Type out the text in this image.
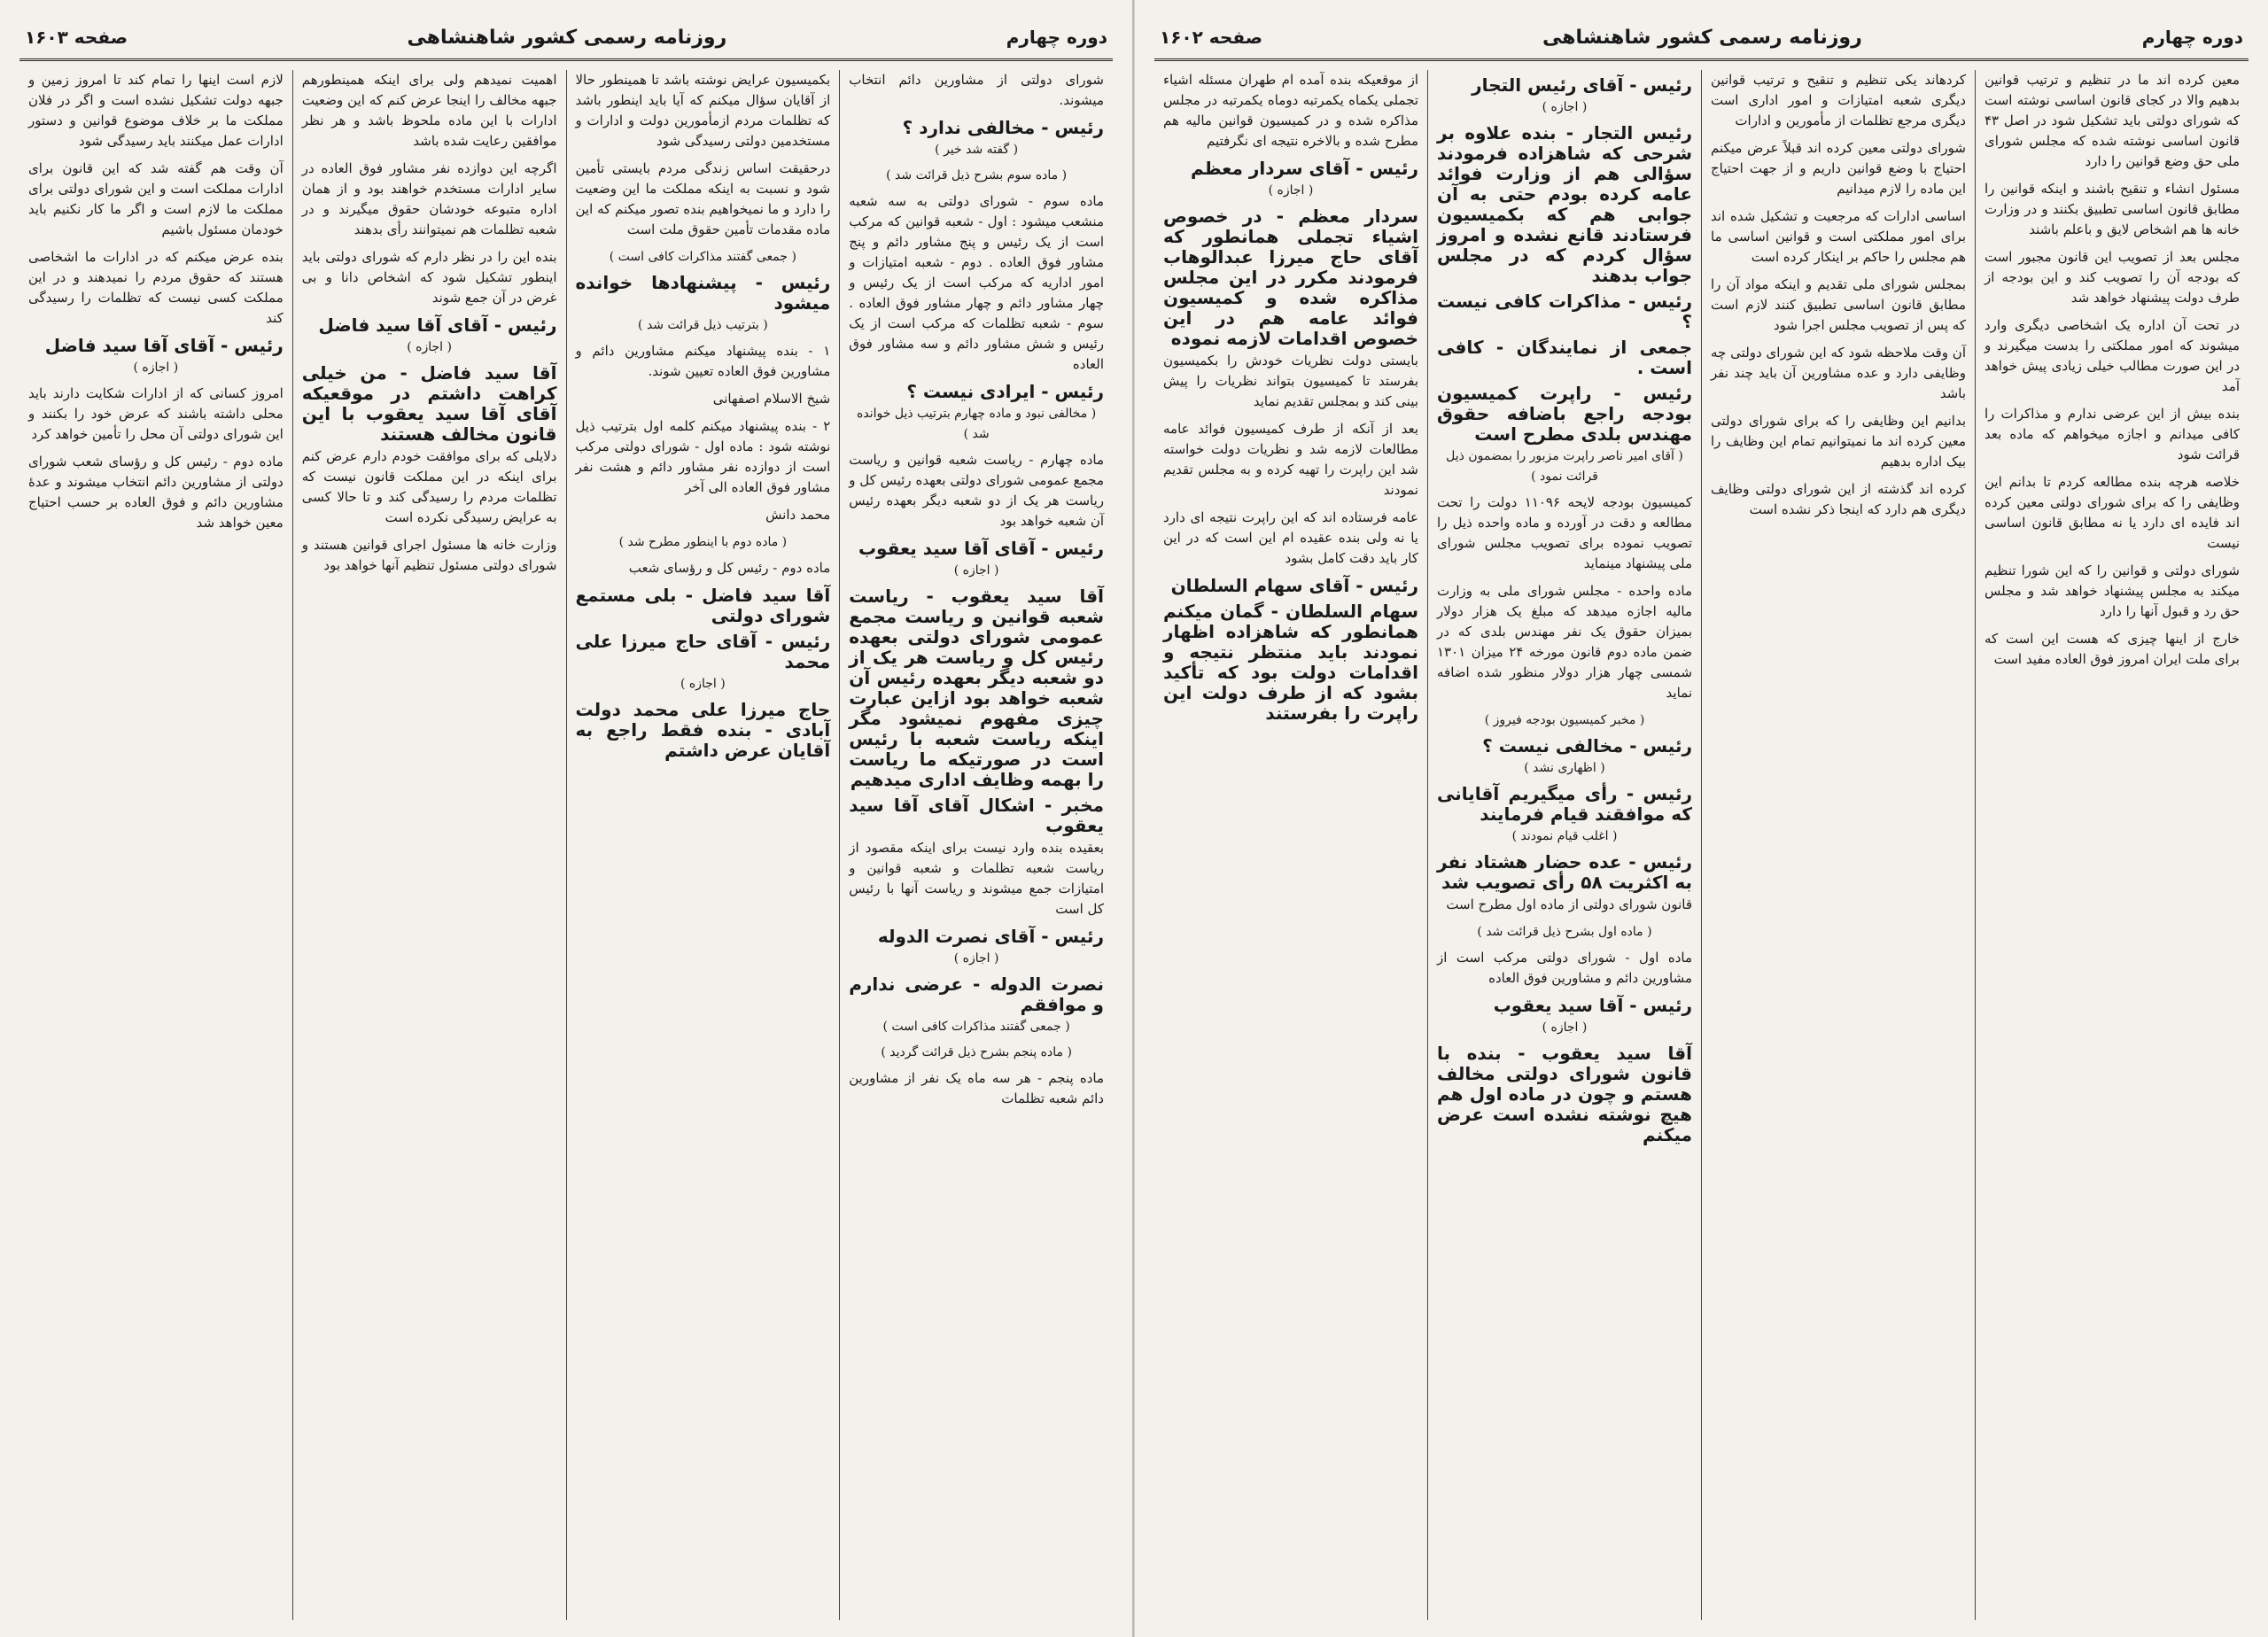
دوره چهارم
روزنامه رسمی کشور شاهنشاهی
صفحه ۱۶۰۳
شورای دولتی از مشاورین دائم انتخاب میشوند.
رئیس - مخالفی ندارد ؟
( گفته شد خیر )
( ماده سوم بشرح ذیل قرائت شد )
ماده سوم - شورای دولتی به سه شعبه منشعب میشود : اول - شعبه قوانین که مرکب است از یک رئیس و پنج مشاور دائم و پنج مشاور فوق العاده . دوم - شعبه امتیازات و امور اداریه که مرکب است از یک رئیس و چهار مشاور دائم و چهار مشاور فوق العاده . سوم - شعبه تظلمات که مرکب است از یک رئیس و شش مشاور دائم و سه مشاور فوق العاده
رئیس - ایرادی نیست ؟
( مخالفی نبود و ماده چهارم بترتیب ذیل خوانده شد )
ماده چهارم - ریاست شعبه قوانین و ریاست مجمع عمومی شورای دولتی بعهده رئیس کل و ریاست هر یک از دو شعبه دیگر بعهده رئیس آن شعبه خواهد بود
رئیس - آقای آقا سید یعقوب
( اجازه )
آقا سید یعقوب - ریاست شعبه قوانین و ریاست مجمع عمومی شورای دولتی بعهده رئیس کل و ریاست هر یک از دو شعبه دیگر بعهده رئیس آن شعبه خواهد بود ازاین عبارت چیزی مفهوم نمیشود مگر اینکه ریاست شعبه با رئیس است در صورتیکه ما ریاست را بهمه وظایف اداری میدهیم
مخبر - اشکال آقای آقا سید یعقوب
بعقیده بنده وارد نیست برای اینکه مقصود از ریاست شعبه تظلمات و شعبه قوانین و امتیازات جمع میشوند و ریاست آنها با رئیس کل است
رئیس - آقای نصرت الدوله
( اجازه )
نصرت الدوله - عرضی ندارم و موافقم
( جمعی گفتند مذاکرات کافی است )
( ماده پنجم بشرح ذیل قرائت گردید )
ماده پنجم - هر سه ماه یک نفر از مشاورین دائم شعبه تظلمات
بکمیسیون عرایض نوشته باشد تا همینطور حالا از آقایان سؤال میکنم که آیا باید اینطور باشد که تظلمات مردم ازمأمورین دولت و ادارات و مستخدمین دولتی رسیدگی شود
درحقیقت اساس زندگی مردم بایستی تأمین شود و نسبت به اینکه مملکت ما این وضعیت را دارد و ما نمیخواهیم بنده تصور میکنم که این ماده مقدمات تأمین حقوق ملت است
( جمعی گفتند مذاکرات کافی است )
رئیس - پیشنهادها خوانده میشود
( بترتیب ذیل قرائت شد )
۱ - بنده پیشنهاد میکنم مشاورین دائم و مشاورین فوق العاده تعیین شوند.
شیخ الاسلام اصفهانی
۲ - بنده پیشنهاد میکنم کلمه اول بترتیب ذیل نوشته شود : ماده اول - شورای دولتی مرکب است از دوازده نفر مشاور دائم و هشت نفر مشاور فوق العاده الی آخر
محمد دانش
( ماده دوم با اینطور مطرح شد )
ماده دوم - رئیس کل و رؤسای شعب
آقا سید فاضل - بلی مستمع شورای دولتی
رئیس - آقای حاج میرزا علی محمد
( اجازه )
حاج میرزا علی محمد دولت آبادی - بنده فقط راجع به آقایان عرض داشتم
اهمیت نمیدهم ولی برای اینکه همینطورهم جبهه مخالف را اینجا عرض کنم که این وضعیت ادارات با این ماده ملحوظ باشد و هر نظر موافقین رعایت شده باشد
اگرچه این دوازده نفر مشاور فوق العاده در سایر ادارات مستخدم خواهند بود و از همان اداره متبوعه خودشان حقوق میگیرند و در شعبه تظلمات هم نمیتوانند رأی بدهند
بنده این را در نظر دارم که شورای دولتی باید اینطور تشکیل شود که اشخاص دانا و بی غرض در آن جمع شوند
رئیس - آقای آقا سید فاضل
( اجازه )
آقا سید فاضل - من خیلی کراهت داشتم در موقعیکه آقای آقا سید یعقوب با این قانون مخالف هستند
دلایلی که برای موافقت خودم دارم عرض کنم برای اینکه در این مملکت قانون نیست که تظلمات مردم را رسیدگی کند و تا حالا کسی به عرایض رسیدگی نکرده است
وزارت خانه ها مسئول اجرای قوانین هستند و شورای دولتی مسئول تنظیم آنها خواهد بود
لازم است اینها را تمام کند تا امروز زمین و جبهه دولت تشکیل نشده است و اگر در فلان مملکت ما بر خلاف موضوع قوانین و دستور ادارات عمل میکنند باید رسیدگی شود
آن وقت هم گفته شد که این قانون برای ادارات مملکت است و این شورای دولتی برای مملکت ما لازم است و اگر ما کار نکنیم باید خودمان مسئول باشیم
بنده عرض میکنم که در ادارات ما اشخاصی هستند که حقوق مردم را نمیدهند و در این مملکت کسی نیست که تظلمات را رسیدگی کند
رئیس - آقای آقا سید فاضل
( اجازه )
امروز کسانی که از ادارات شکایت دارند باید محلی داشته باشند که عرض خود را بکنند و این شورای دولتی آن محل را تأمین خواهد کرد
ماده دوم - رئیس کل و رؤسای شعب شورای دولتی از مشاورین دائم انتخاب میشوند و عدهٔ مشاورین دائم و فوق العاده بر حسب احتیاج معین خواهد شد
دوره چهارم
روزنامه رسمی کشور شاهنشاهی
صفحه ۱۶۰۲
معین کرده اند ما در تنظیم و ترتیب قوانین بدهیم والا در کجای قانون اساسی نوشته است که شورای دولتی باید تشکیل شود در اصل ۴۳ قانون اساسی نوشته شده که مجلس شورای ملی حق وضع قوانین را دارد
مسئول انشاء و تنقیح باشند و اینکه قوانین را مطابق قانون اساسی تطبیق بکنند و در وزارت خانه ها هم اشخاص لایق و باعلم باشند
مجلس بعد از تصویب این قانون مجبور است که بودجه آن را تصویب کند و این بودجه از طرف دولت پیشنهاد خواهد شد
در تحت آن اداره یک اشخاصی دیگری وارد میشوند که امور مملکتی را بدست میگیرند و در این صورت مطالب خیلی زیادی پیش خواهد آمد
بنده بیش از این عرضی ندارم و مذاکرات را کافی میدانم و اجازه میخواهم که ماده بعد قرائت شود
خلاصه هرچه بنده مطالعه کردم تا بدانم این وظایفی را که برای شورای دولتی معین کرده اند فایده ای دارد یا نه مطابق قانون اساسی نیست
شورای دولتی و قوانین را که این شورا تنظیم میکند به مجلس پیشنهاد خواهد شد و مجلس حق رد و قبول آنها را دارد
خارج از اینها چیزی که هست این است که برای ملت ایران امروز فوق العاده مفید است
کردهاند یکی تنظیم و تنقیح و ترتیب قوانین دیگری شعبه امتیازات و امور اداری است دیگری مرجع تظلمات از مأمورین و ادارات
شورای دولتی معین کرده اند قبلاً عرض میکنم احتیاج با وضع قوانین داریم و از جهت احتیاج این ماده را لازم میدانیم
اساسی ادارات که مرجعیت و تشکیل شده اند برای امور مملکتی است و قوانین اساسی ما هم مجلس را حاکم بر اینکار کرده است
بمجلس شورای ملی تقدیم و اینکه مواد آن را مطابق قانون اساسی تطبیق کنند لازم است که پس از تصویب مجلس اجرا شود
آن وقت ملاحظه شود که این شورای دولتی چه وظایفی دارد و عده مشاورین آن باید چند نفر باشد
بدانیم این وظایفی را که برای شورای دولتی معین کرده اند ما نمیتوانیم تمام این وظایف را بیک اداره بدهیم
کرده اند گذشته از این شورای دولتی وظایف دیگری هم دارد که اینجا ذکر نشده است
رئیس - آقای رئیس التجار
( اجازه )
رئیس التجار - بنده علاوه بر شرحی که شاهزاده فرمودند سؤالی هم از وزارت فوائد عامه کرده بودم حتی به آن جوابی هم که بکمیسیون فرستادند قانع نشده و امروز سؤال کردم که در مجلس جواب بدهند
رئیس - مذاکرات کافی نیست ؟
جمعی از نمایندگان - کافی است .
رئیس - راپرت کمیسیون بودجه راجع باضافه حقوق مهندس بلدی مطرح است
( آقای امیر ناصر راپرت مزبور را بمضمون ذیل قرائت نمود )
کمیسیون بودجه لایحه ۱۱۰۹۶ دولت را تحت مطالعه و دقت در آورده و ماده واحده ذیل را تصویب نموده برای تصویب مجلس شورای ملی پیشنهاد مینماید
ماده واحده - مجلس شورای ملی به وزارت مالیه اجازه میدهد که مبلغ یک هزار دولار بمیزان حقوق یک نفر مهندس بلدی که در ضمن ماده دوم قانون مورخه ۲۴ میزان ۱۳۰۱ شمسی چهار هزار دولار منظور شده اضافه نماید
( مخبر کمیسیون بودجه فیروز )
رئیس - مخالفی نیست ؟
( اظهاری نشد )
رئیس - رأی میگیریم آقایانی که موافقند قیام فرمایند
( اغلب قیام نمودند )
رئیس - عده حضار هشتاد نفر به اکثریت ۵۸ رأی تصویب شد
قانون شورای دولتی از ماده اول مطرح است
( ماده اول بشرح ذیل قرائت شد )
ماده اول - شورای دولتی مرکب است از مشاورین دائم و مشاورین فوق العاده
رئیس - آقا سید یعقوب
( اجازه )
آقا سید یعقوب - بنده با قانون شورای دولتی مخالف هستم و چون در ماده اول هم هیچ نوشته نشده است عرض میکنم
از موقعیکه بنده آمده ام طهران مسئله اشیاء تجملی یکماه یکمرتبه دوماه یکمرتبه در مجلس مذاکره شده و در کمیسیون قوانین مالیه هم مطرح شده و بالاخره نتیجه ای نگرفتیم
رئیس - آقای سردار معظم
( اجازه )
سردار معظم - در خصوص اشیاء تجملی همانطور که آقای حاج میرزا عبدالوهاب فرمودند مکرر در این مجلس مذاکره شده و کمیسیون فوائد عامه هم در این خصوص اقدامات لازمه نموده
بایستی دولت نظریات خودش را بکمیسیون بفرستد تا کمیسیون بتواند نظریات را پیش بینی کند و بمجلس تقدیم نماید
بعد از آنکه از طرف کمیسیون فوائد عامه مطالعات لازمه شد و نظریات دولت خواسته شد این راپرت را تهیه کرده و به مجلس تقدیم نمودند
عامه فرستاده اند که این راپرت نتیجه ای دارد یا نه ولی بنده عقیده ام این است که در این کار باید دقت کامل بشود
رئیس - آقای سهام السلطان
سهام السلطان - گمان میکنم همانطور که شاهزاده اظهار نمودند باید منتظر نتیجه و اقدامات دولت بود که تأکید بشود که از طرف دولت این راپرت را بفرستند
